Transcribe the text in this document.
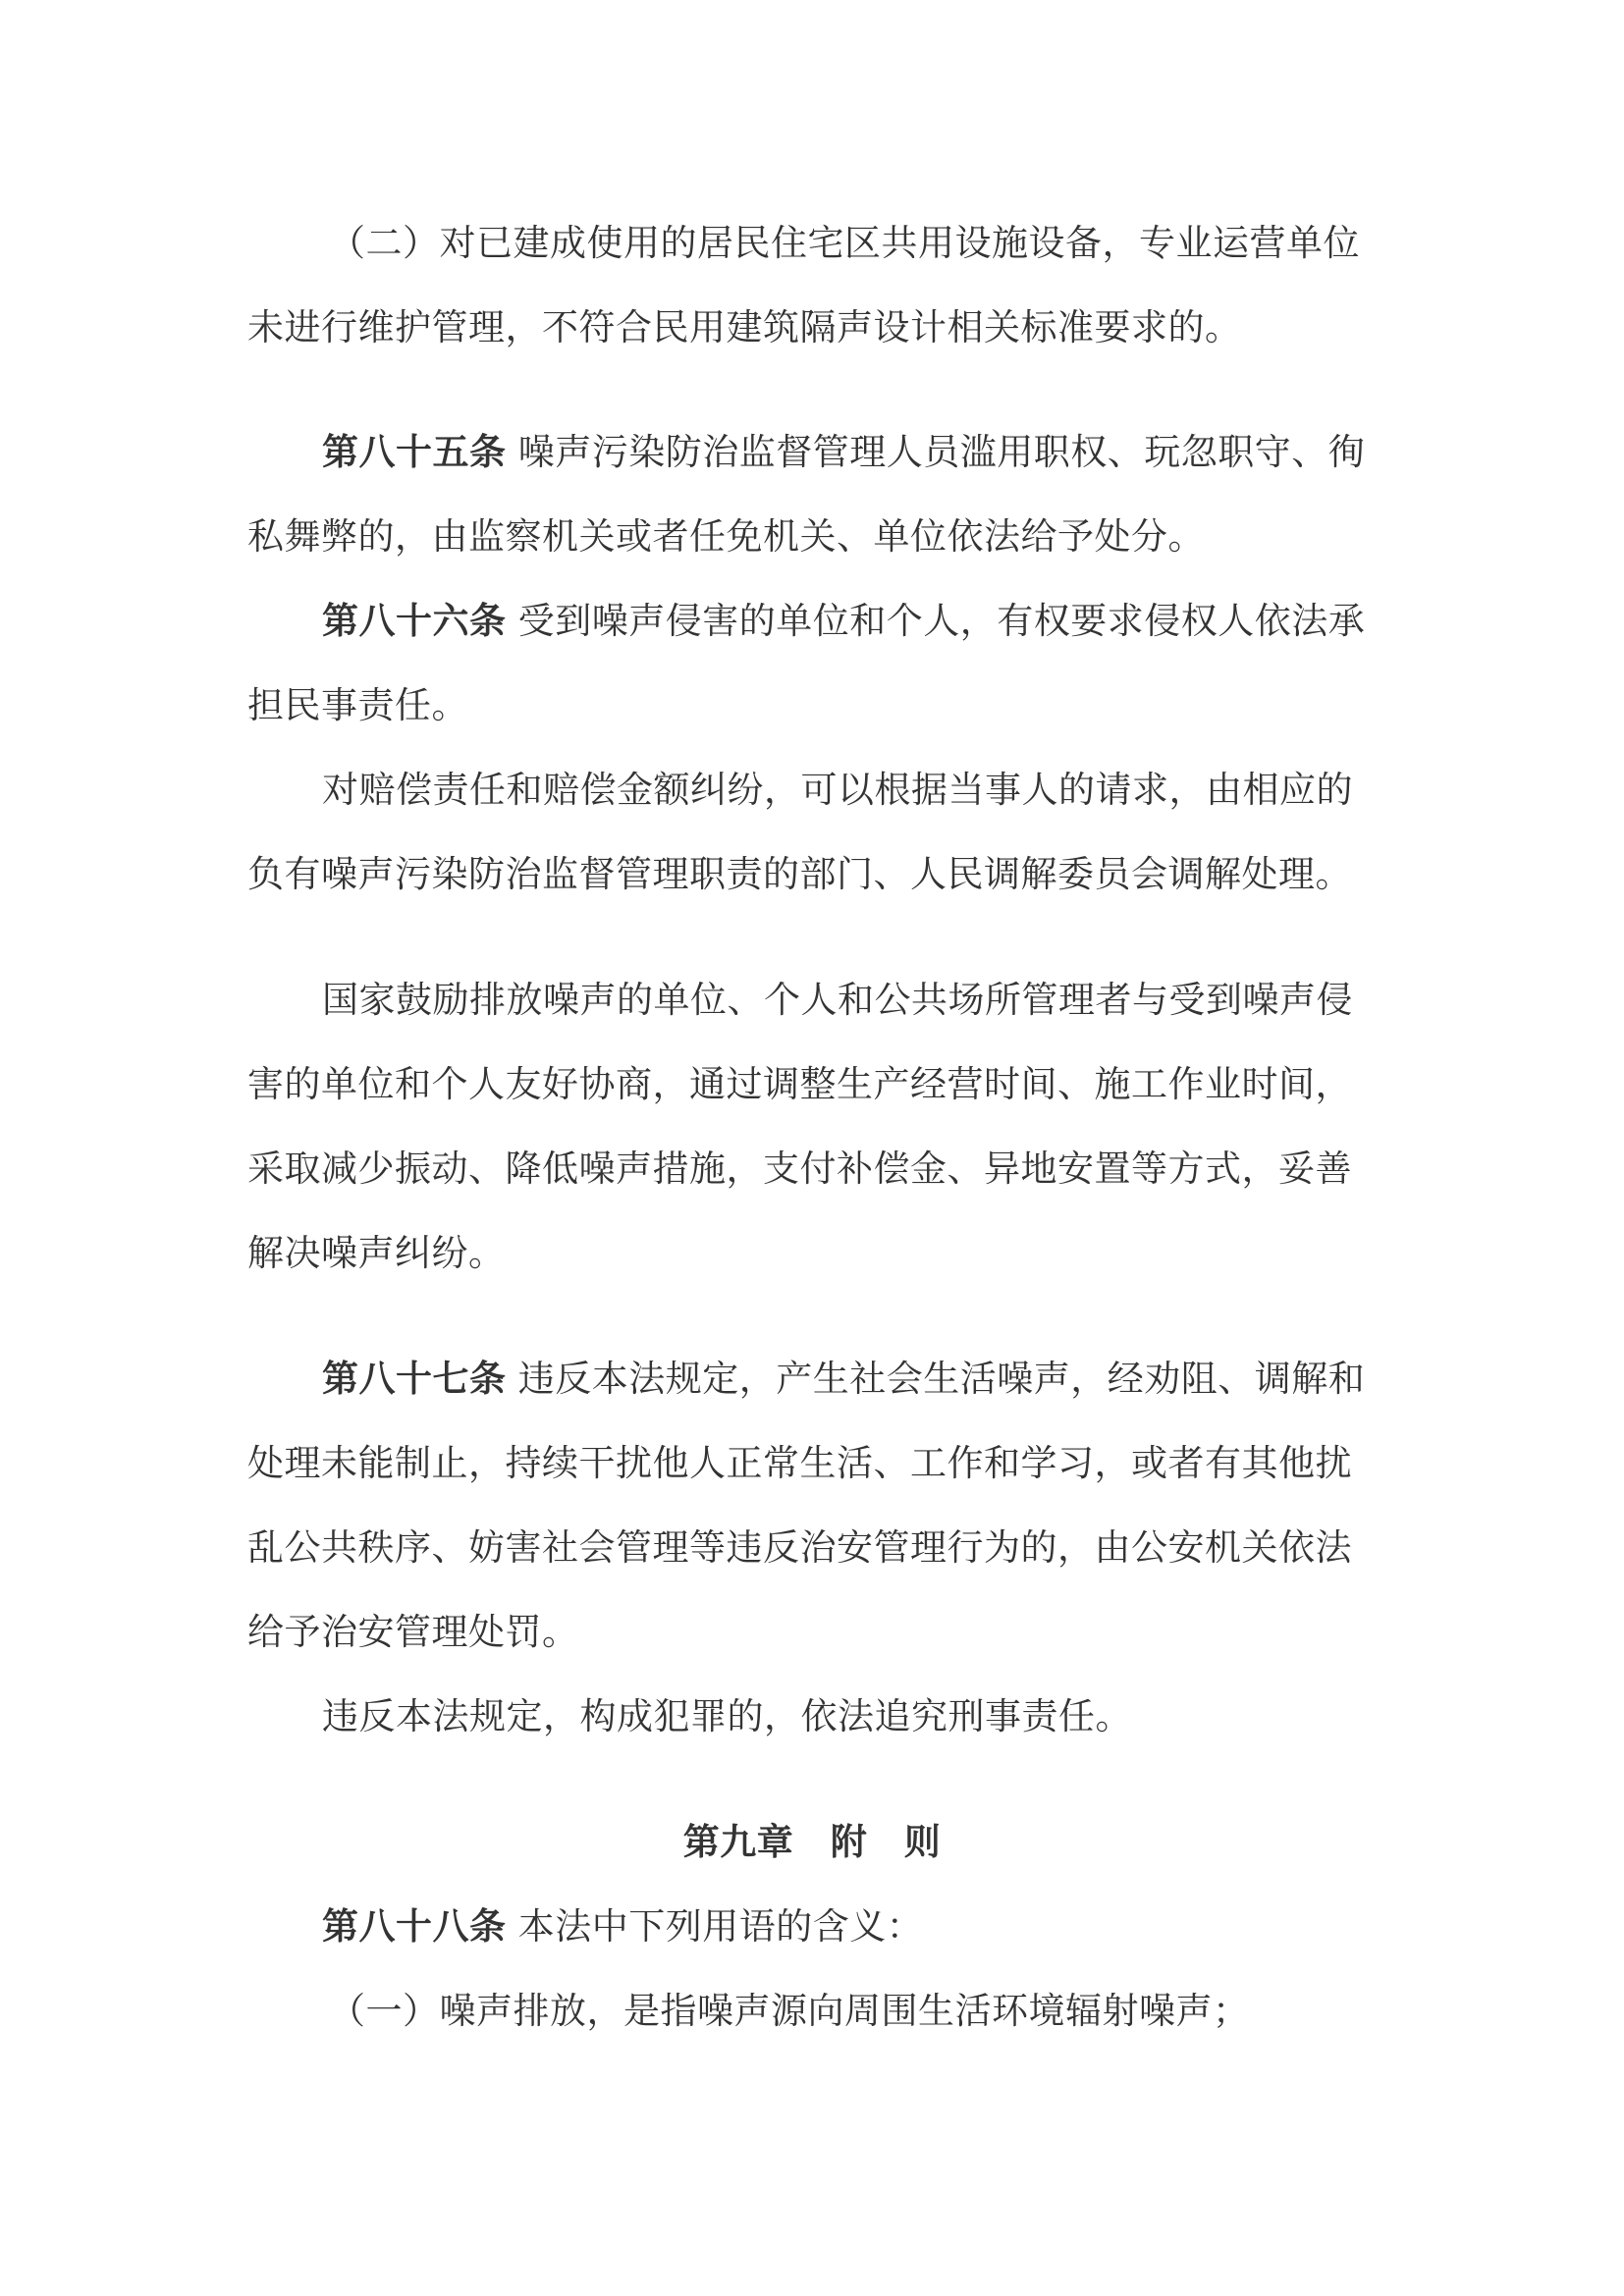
（二）对已建成使用的居民住宅区共用设施设备，专业运营单位
未进行维护管理，不符合民用建筑隔声设计相关标准要求的。
第八十五条 噪声污染防治监督管理人员滥用职权、玩忽职守、徇
私舞弊的，由监察机关或者任免机关、单位依法给予处分。
第八十六条 受到噪声侵害的单位和个人，有权要求侵权人依法承
担民事责任。
对赔偿责任和赔偿金额纠纷，可以根据当事人的请求，由相应的
负有噪声污染防治监督管理职责的部门、人民调解委员会调解处理。
国家鼓励排放噪声的单位、个人和公共场所管理者与受到噪声侵
害的单位和个人友好协商，通过调整生产经营时间、施工作业时间，
采取减少振动、降低噪声措施，支付补偿金、异地安置等方式，妥善
解决噪声纠纷。
第八十七条 违反本法规定，产生社会生活噪声，经劝阻、调解和
处理未能制止，持续干扰他人正常生活、工作和学习，或者有其他扰
乱公共秩序、妨害社会管理等违反治安管理行为的，由公安机关依法
给予治安管理处罚。
违反本法规定，构成犯罪的，依法追究刑事责任。
第九章　附　则
第八十八条 本法中下列用语的含义：
（一）噪声排放，是指噪声源向周围生活环境辐射噪声；
